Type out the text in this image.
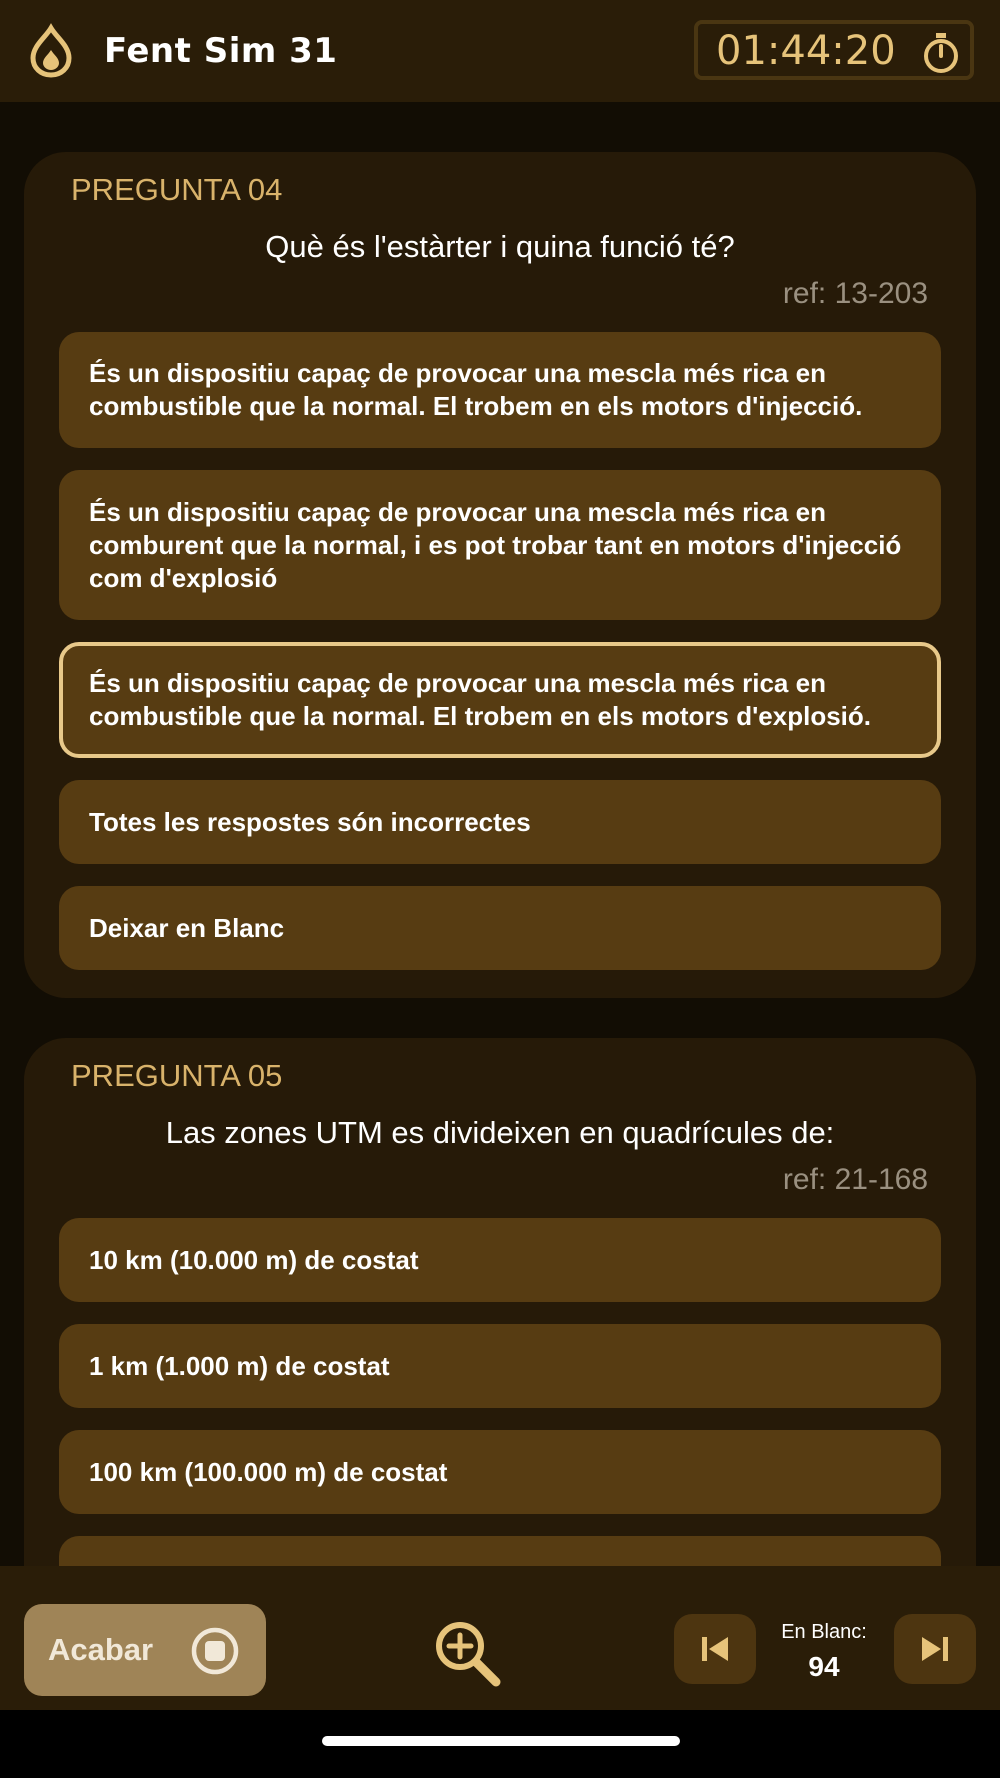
Fent Sim 31	01:44:20
PREGUNTA 04
Què és l'estàrter i quina funció té?
ref: 13-203
És un dispositiu capaç de provocar una mescla més rica en combustible que la normal. El trobem en els motors d'injecció.
És un dispositiu capaç de provocar una mescla més rica en comburent que la normal, i es pot trobar tant en motors d'injecció com d'explosió
És un dispositiu capaç de provocar una mescla més rica en combustible que la normal. El trobem en els motors d'explosió.
Totes les respostes són incorrectes
Deixar en Blanc
PREGUNTA 05
Las zones UTM es divideixen en quadrícules de:
ref: 21-168
10 km (10.000 m) de costat
1 km (1.000 m) de costat
100 km (100.000 m) de costat
Acabar	En Blanc:
94
